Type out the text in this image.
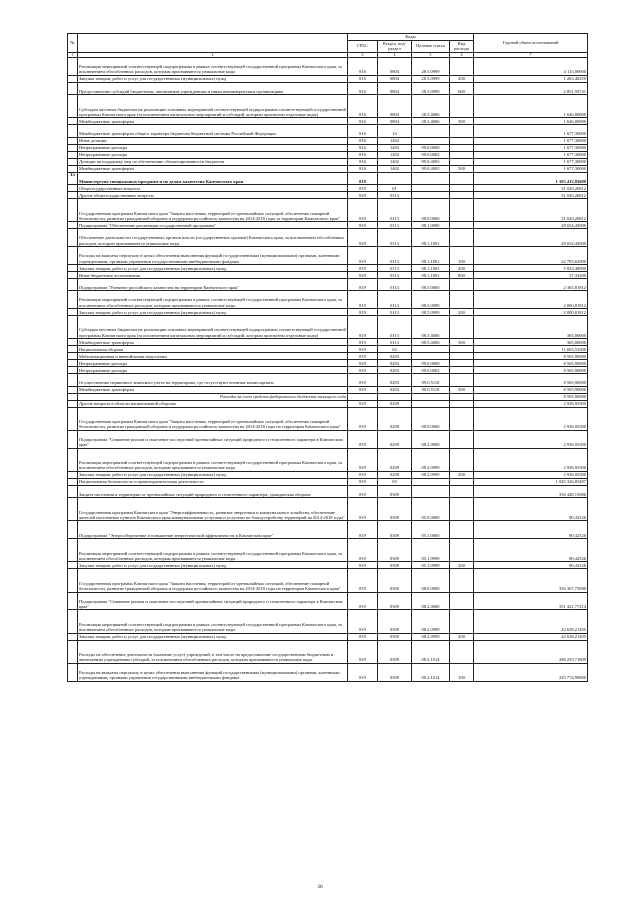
№		Коды				Годовой объем ассигнований
		ГРБС	Раздел, под-раздел	Целевая статья	Вид расхода	
1	2	3	4	5	6	7
	Реализация мероприятий соответствующей подпрограммы в рамках соответствующей государственной программы Камчатского края, за исключением обособленных расходов, которым присваиваются уникальные коды	816	0804	28.3.0999		4 115,00000
	Закупка товаров, работ и услуг для государственных (муниципальных) нужд	816	0804	28.3.0999	200	1 263,40259
	Предоставление субсидий бюджетным, автономным учреждениям и иным некоммерческим организациям	816	0804	28.3.0999	600	2 851,59741
	Субсидии местным бюджетам на реализацию основных мероприятий соответствующей подпрограммы соответствующей государственной программы Камчатского края (за исключением капитальных мероприятий и субсидий, которым присвоены отдельные коды)	816	0804	28.3.4006		1 646,00000
	Межбюджетные трансферты	816	0804	28.3.4006	500	1 646,00000
	Межбюджетные трансферты общего характера бюджетам бюджетной системы Российской Федерации	816	14			1 677,30000
	Иные дотации	816	1402			1 677,30000
	Непрограммные расходы	816	1402	99.0.0000		1 677,30000
	Непрограммные расходы	816	1402	99.0.0002		1 677,30000
	Дотации на поддержку мер по обеспечению сбалансированности бюджетов	816	1402	99.0.4003		1 677,30000
	Межбюджетные трансферты	816	1402	99.0.4003	500	1 677,30000
15	Министерство специальных программ и по делам казачества Камчатского края	819				1 103 412,83609
	Общегосударственные вопросы	819	01			31 020,26812
	Другие общегосударственные вопросы	819	0113			31 020,26812
	Государственная программа Камчатского края "Защита населения, территорий от чрезвычайных ситуаций, обеспечение пожарной безопасности, развитие гражданской обороны и поддержка российского казачества на 2014-2018 годы за территории Камчатского края"	819	0113	08.0.0000		31 020,26812
	Подпрограмма "Обеспечение реализации государственной программы"	819	0113	08.1.0000		28 654,45000
	Обеспечение деятельности государственных органов власти (государственных органов) Камчатского края, за исключением обособленных расходов, которым присваиваются уникальные коды	819	0113	08.1.1001		28 654,45000
	Расходы на выплаты персоналу в целях обеспечения выполнения функций государственными (муниципальными) органами, казенными учреждениями, органами управления государственными внебюджетными фондами	819	0113	08.1.1001	100	22 783,62900
	Закупка товаров, работ и услуг для государственных (муниципальных) нужд	819	0113	08.1.1001	200	5 833,48900
	Иные бюджетные ассигнования	819	0113	08.1.1001	800	37,33200
	Подпрограмма "Развитие российского казачества на территории Камчатского края"	819	0113	08.5.0000		2 365,81812
	Реализация мероприятий соответствующей подпрограммы в рамках соответствующей государственной программы Камчатского края, за исключением обособленных расходов, которым присваиваются уникальные коды	819	0113	08.5.0999		2 000,81812
	Закупка товаров, работ и услуг для государственных (муниципальных) нужд	819	0113	08.5.0999	200	2 000,81812
	Субсидии местным бюджетам на реализацию основных мероприятий соответствующей подпрограммы соответствующей государственной программы Камчатского края (за исключением капитальных мероприятий и субсидий, которым присвоены отдельные коды)	819	0113	08.5.4006		365,00000
	Межбюджетные трансферты	819	0113	08.5.4006	500	365,00000
	Национальная оборона	819	02			11 603,53300
	Мобилизационная и вневойсковая подготовка	819	0203			8 565,90000
	Непрограммные расходы	819	0203	99.0.0000		8 565,90000
	Непрограммные расходы	819	0203	99.0.0002		8 565,90000
	Осуществление первичного воинского учета на территориях, где отсутствуют военные комиссариаты	819	0203	99.0.5118		8 565,90000
	Межбюджетные трансферты	819	0203	99.0.5118	500	8 565,90000
	Расходы за счет средств федерального бюджета текущего года					8 565,90000
	Другие вопросы в области национальной обороны	819	0209			2 936,95300
	Государственная программа Камчатского края "Защита населения, территорий от чрезвычайных ситуаций, обеспечение пожарной безопасности, развитие гражданской обороны и поддержка российского казачества на 2014-2018 годы на территории Камчатского края"	819	0209	08.0.0000		2 936,95300
	Подпрограмма "Снижение рисков и смягчение последствий чрезвычайных ситуаций природного и техногенного характера в Камчатском крае"	819	0209	08.2.0000		2 936,95300
	Реализация мероприятий соответствующей подпрограммы в рамках соответствующей государственной программы Камчатского края, за исключением обособленных расходов, которым присваиваются уникальные коды	819	0209	08.2.0999		2 936,95300
	Закупка товаров, работ и услуг для государственных (муниципальных) нужд	819	0209	08.2.0999	200	2 936,95300
	Национальная безопасность и правоохранительная деятельность	819	03			1 045 326,83497
	Защита населения и территории от чрезвычайных ситуаций природного и техногенного характера, гражданская оборона	819	0309			356 448,15686
	Государственная программа Камчатского края "Энергоэффективность, развитие энергетики и коммунального хозяйства, обеспечение жителей населенных пунктов Камчатского края коммунальными услугами и услугами по благоустройству территорий на 2014-2018 годы"	819	0309	05.0.0000		80,42526
	Подпрограмма "Энергосбережение и повышение энергетической эффективности в Камчатском крае"	819	0309	05.1.0000		80,42526
	Реализация мероприятий соответствующей подпрограммы в рамках соответствующей государственной программы Камчатского края, за исключением обособленных расходов, которым присваиваются уникальные коды	819	0309	05.1.0999		80,42526
	Закупка товаров, работ и услуг для государственных (муниципальных) нужд	819	0309	05.1.0999	200	80,42526
	Государственная программа Камчатского края "Защита населения, территорий от чрезвычайных ситуаций, обеспечение пожарной безопасности, развитие гражданской обороны и поддержка российского казачества на 2014-2018 годы на территории Камчатского края"	819	0309	08.0.0000		356 367,73080
	Подпрограмма "Снижение рисков и смягчение последствий чрезвычайных ситуаций природного и техногенного характера в Камчатском крае"	819	0309	08.2.0000		351 421,77214
	Реализация мероприятий соответствующей подпрограммы в рамках соответствующей государственной программы Камчатского края, за исключением обособленных расходов, которым присваиваются уникальные коды	819	0309	08.2.0999		42 638,21405
	Закупка товаров, работ и услуг для государственных (муниципальных) нужд	819	0309	08.2.0999	200	42 638,21405
	Расходы на обеспечение деятельности (оказание услуг) учреждений, в том числе на предоставление государственным бюджетным и автономным учреждениям субсидий, за исключением обособленных расходов, которым присваиваются уникальные коды	819	0309	08.2.1014		288 259,71809
	Расходы на выплаты персоналу в целях обеспечения выполнения функций государственными (муниципальными) органами, казенными учреждениями, органами управления государственными внебюджетными фондами	819	0309	08.2.1014	100	225 774,90800
36
